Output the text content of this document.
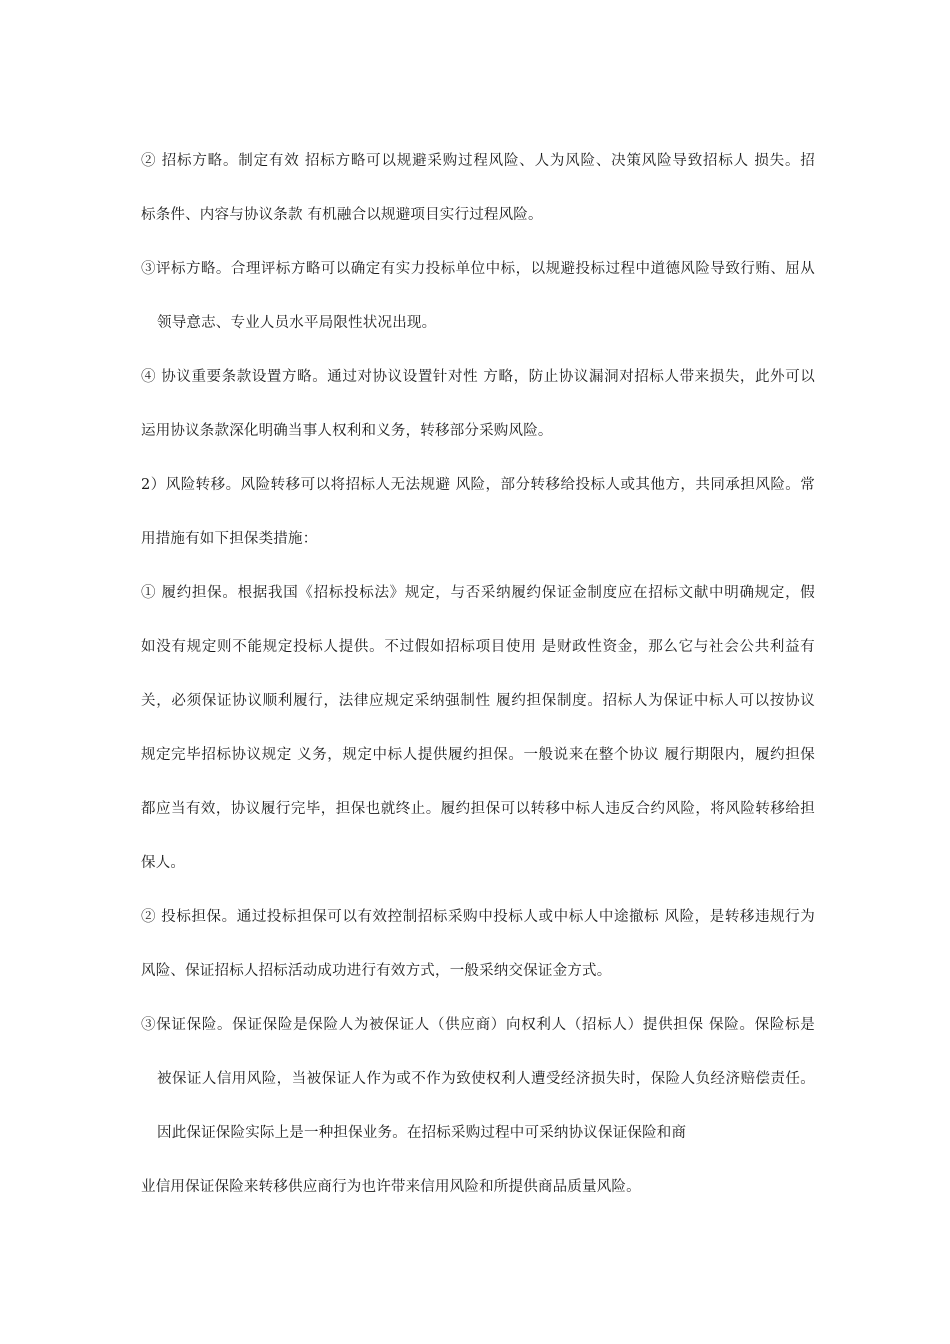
② 招标方略。制定有效 招标方略可以规避采购过程风险、人为风险、决策风险导致招标人 损失。招
标条件、内容与协议条款 有机融合以规避项目实行过程风险。
③评标方略。合理评标方略可以确定有实力投标单位中标，以规避投标过程中道德风险导致行贿、屈从
领导意志、专业人员水平局限性状况出现。
④ 协议重要条款设置方略。通过对协议设置针对性 方略，防止协议漏洞对招标人带来损失，此外可以
运用协议条款深化明确当事人权利和义务，转移部分采购风险。
2）风险转移。风险转移可以将招标人无法规避 风险，部分转移给投标人或其他方，共同承担风险。常
用措施有如下担保类措施：
① 履约担保。根据我国《招标投标法》规定，与否采纳履约保证金制度应在招标文献中明确规定，假
如没有规定则不能规定投标人提供。不过假如招标项目使用 是财政性资金，那么它与社会公共利益有
关，必须保证协议顺利履行，法律应规定采纳强制性 履约担保制度。招标人为保证中标人可以按协议
规定完毕招标协议规定 义务，规定中标人提供履约担保。一般说来在整个协议 履行期限内，履约担保
都应当有效，协议履行完毕，担保也就终止。履约担保可以转移中标人违反合约风险，将风险转移给担
保人。
② 投标担保。通过投标担保可以有效控制招标采购中投标人或中标人中途撤标 风险，是转移违规行为
风险、保证招标人招标活动成功进行有效方式，一般采纳交保证金方式。
③保证保险。保证保险是保险人为被保证人（供应商）向权利人（招标人）提供担保 保险。保险标是
被保证人信用风险，当被保证人作为或不作为致使权利人遭受经济损失时，保险人负经济赔偿责任。
因此保证保险实际上是一种担保业务。在招标采购过程中可采纳协议保证保险和商
业信用保证保险来转移供应商行为也许带来信用风险和所提供商品质量风险。
